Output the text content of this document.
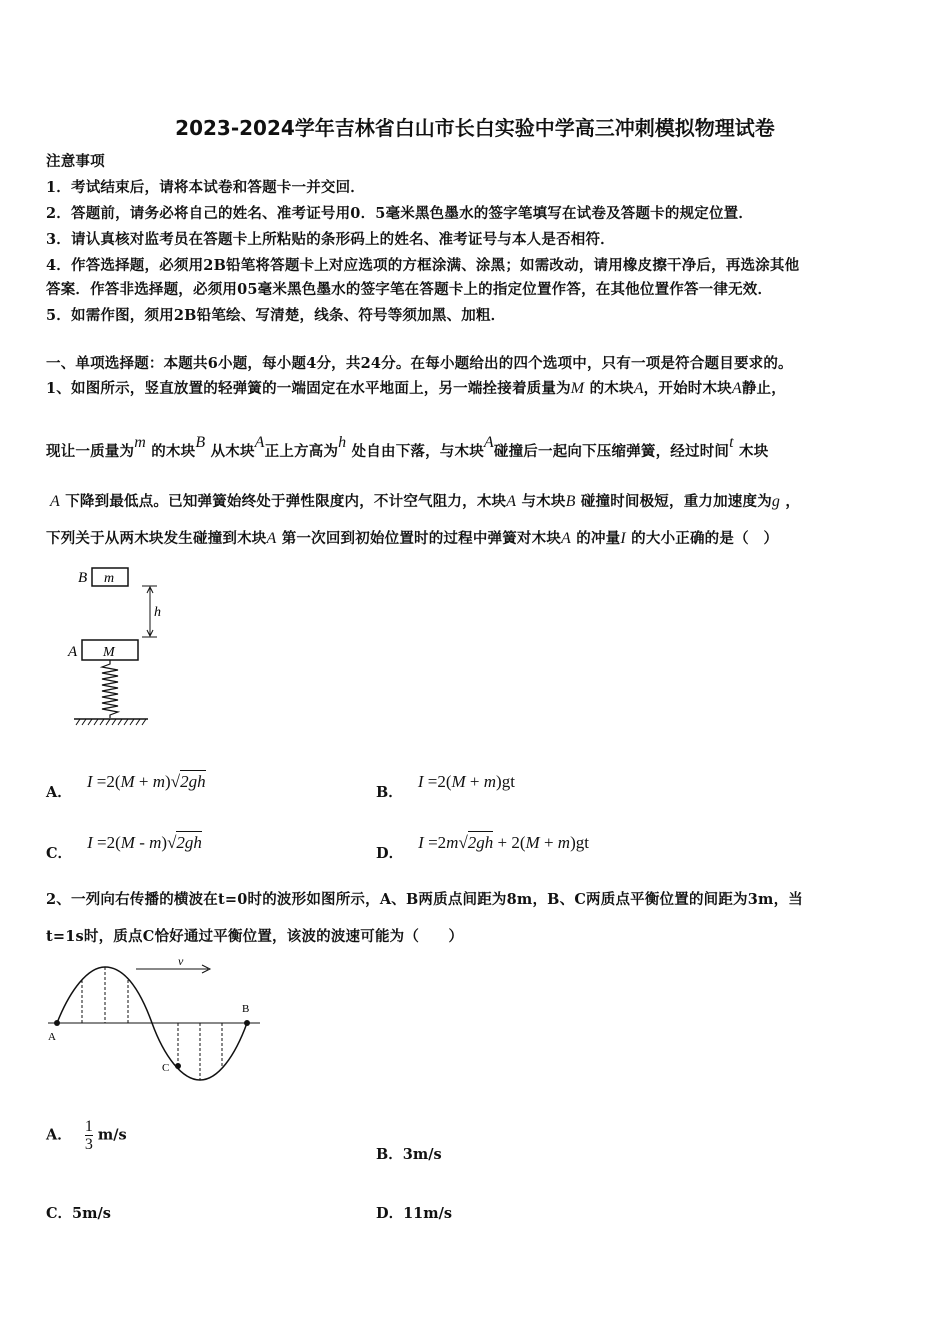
2023-2024学年吉林省白山市长白实验中学高三冲刺模拟物理试卷
注意事项
1．考试结束后，请将本试卷和答题卡一并交回．
2．答题前，请务必将自己的姓名、准考证号用0．5毫米黑色墨水的签字笔填写在试卷及答题卡的规定位置．
3．请认真核对监考员在答题卡上所粘贴的条形码上的姓名、准考证号与本人是否相符．
4．作答选择题，必须用2B铅笔将答题卡上对应选项的方框涂满、涂黑；如需改动，请用橡皮擦干净后，再选涂其他
答案．作答非选择题，必须用05毫米黑色墨水的签字笔在答题卡上的指定位置作答，在其他位置作答一律无效．
5．如需作图，须用2B铅笔绘、写清楚，线条、符号等须加黑、加粗．
一、单项选择题：本题共6小题，每小题4分，共24分。在每小题给出的四个选项中，只有一项是符合题目要求的。
1、如图所示，竖直放置的轻弹簧的一端固定在水平地面上，另一端拴接着质量为M 的木块A，开始时木块A静止，
现让一质量为m 的木块B 从木块A正上方高为h 处自由下落，与木块A碰撞后一起向下压缩弹簧，经过时间t 木块
A 下降到最低点。已知弹簧始终处于弹性限度内，不计空气阻力，木块A 与木块B 碰撞时间极短，重力加速度为g ，
下列关于从两木块发生碰撞到木块A 第一次回到初始位置时的过程中弹簧对木块A 的冲量I 的大小正确的是（　）
B m
h
A M
A． I =2(M + m)√2gh
B． I =2(M + m)gt
C． I =2(M - m)√2gh
D． I =2m√2gh + 2(M + m)gt
2、一列向右传播的横波在t=0时的波形如图所示，A、B两质点间距为8m，B、C两质点平衡位置的间距为3m，当
t=1s时，质点C恰好通过平衡位置，该波的波速可能为（　　）
v
A
B
C
A． $\frac{1}{3} m/s$
B．3m/s
C．5m/s	D．11m/s
